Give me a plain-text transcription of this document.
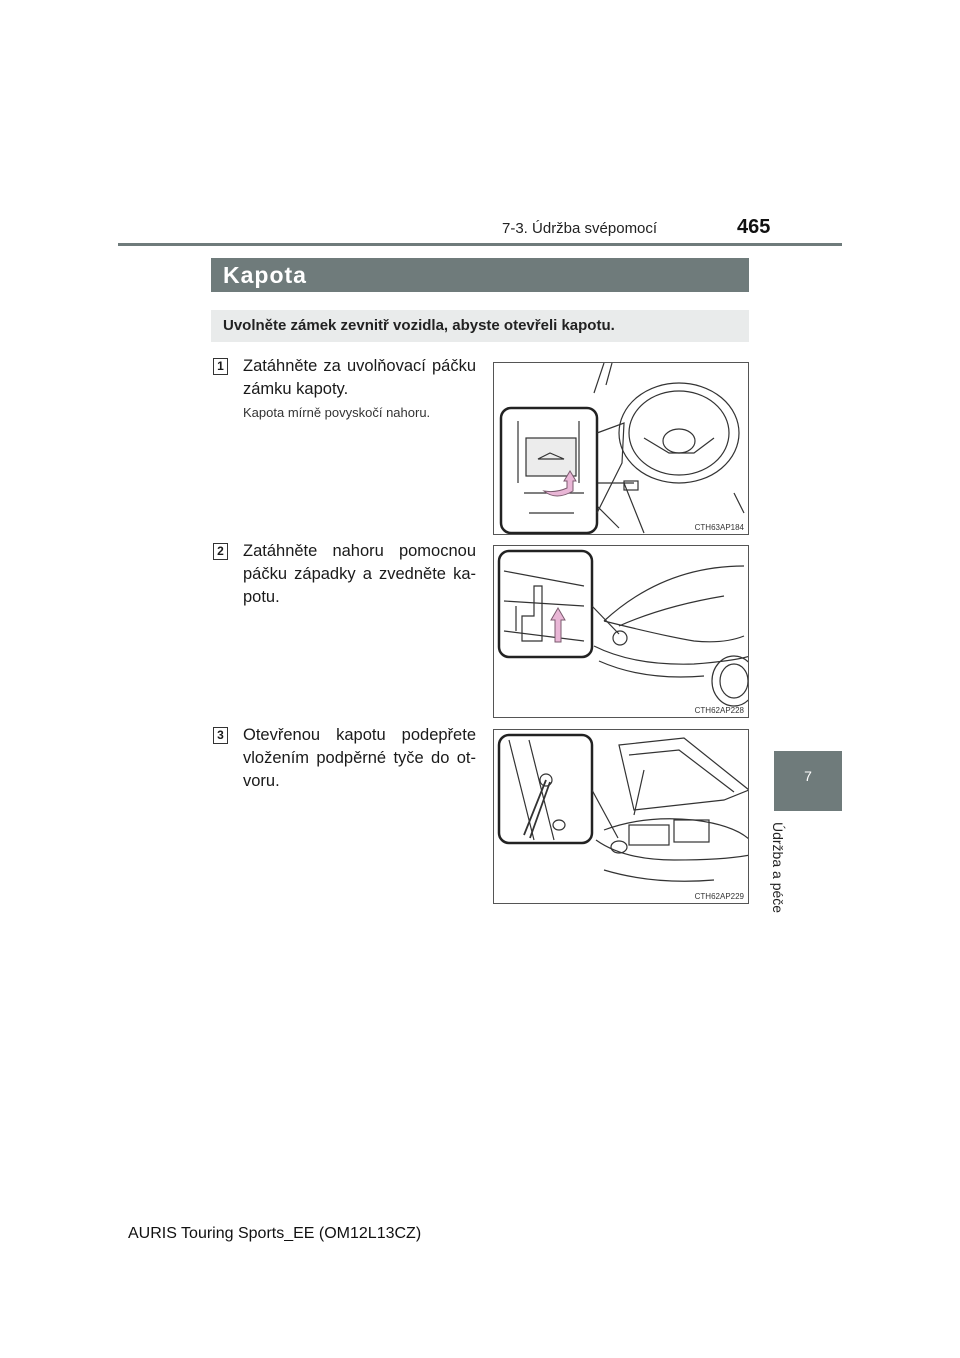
7-3. Údržba svépomocí	465
7
Údržba a péče
Kapota
Uvolněte zámek zevnitř vozidla, abyste otevřeli kapotu.
1 Zatáhněte za uvolňovací páčku zámku kapoty.
Kapota mírně povyskočí nahoru.
CTH63AP184
2 Zatáhněte nahoru pomocnou páčku západky a zvedněte ka-potu.
CTH62AP228
3 Otevřenou kapotu podepřete vložením podpěrné tyče do ot-voru.
CTH62AP229
AURIS Touring Sports_EE (OM12L13CZ)
